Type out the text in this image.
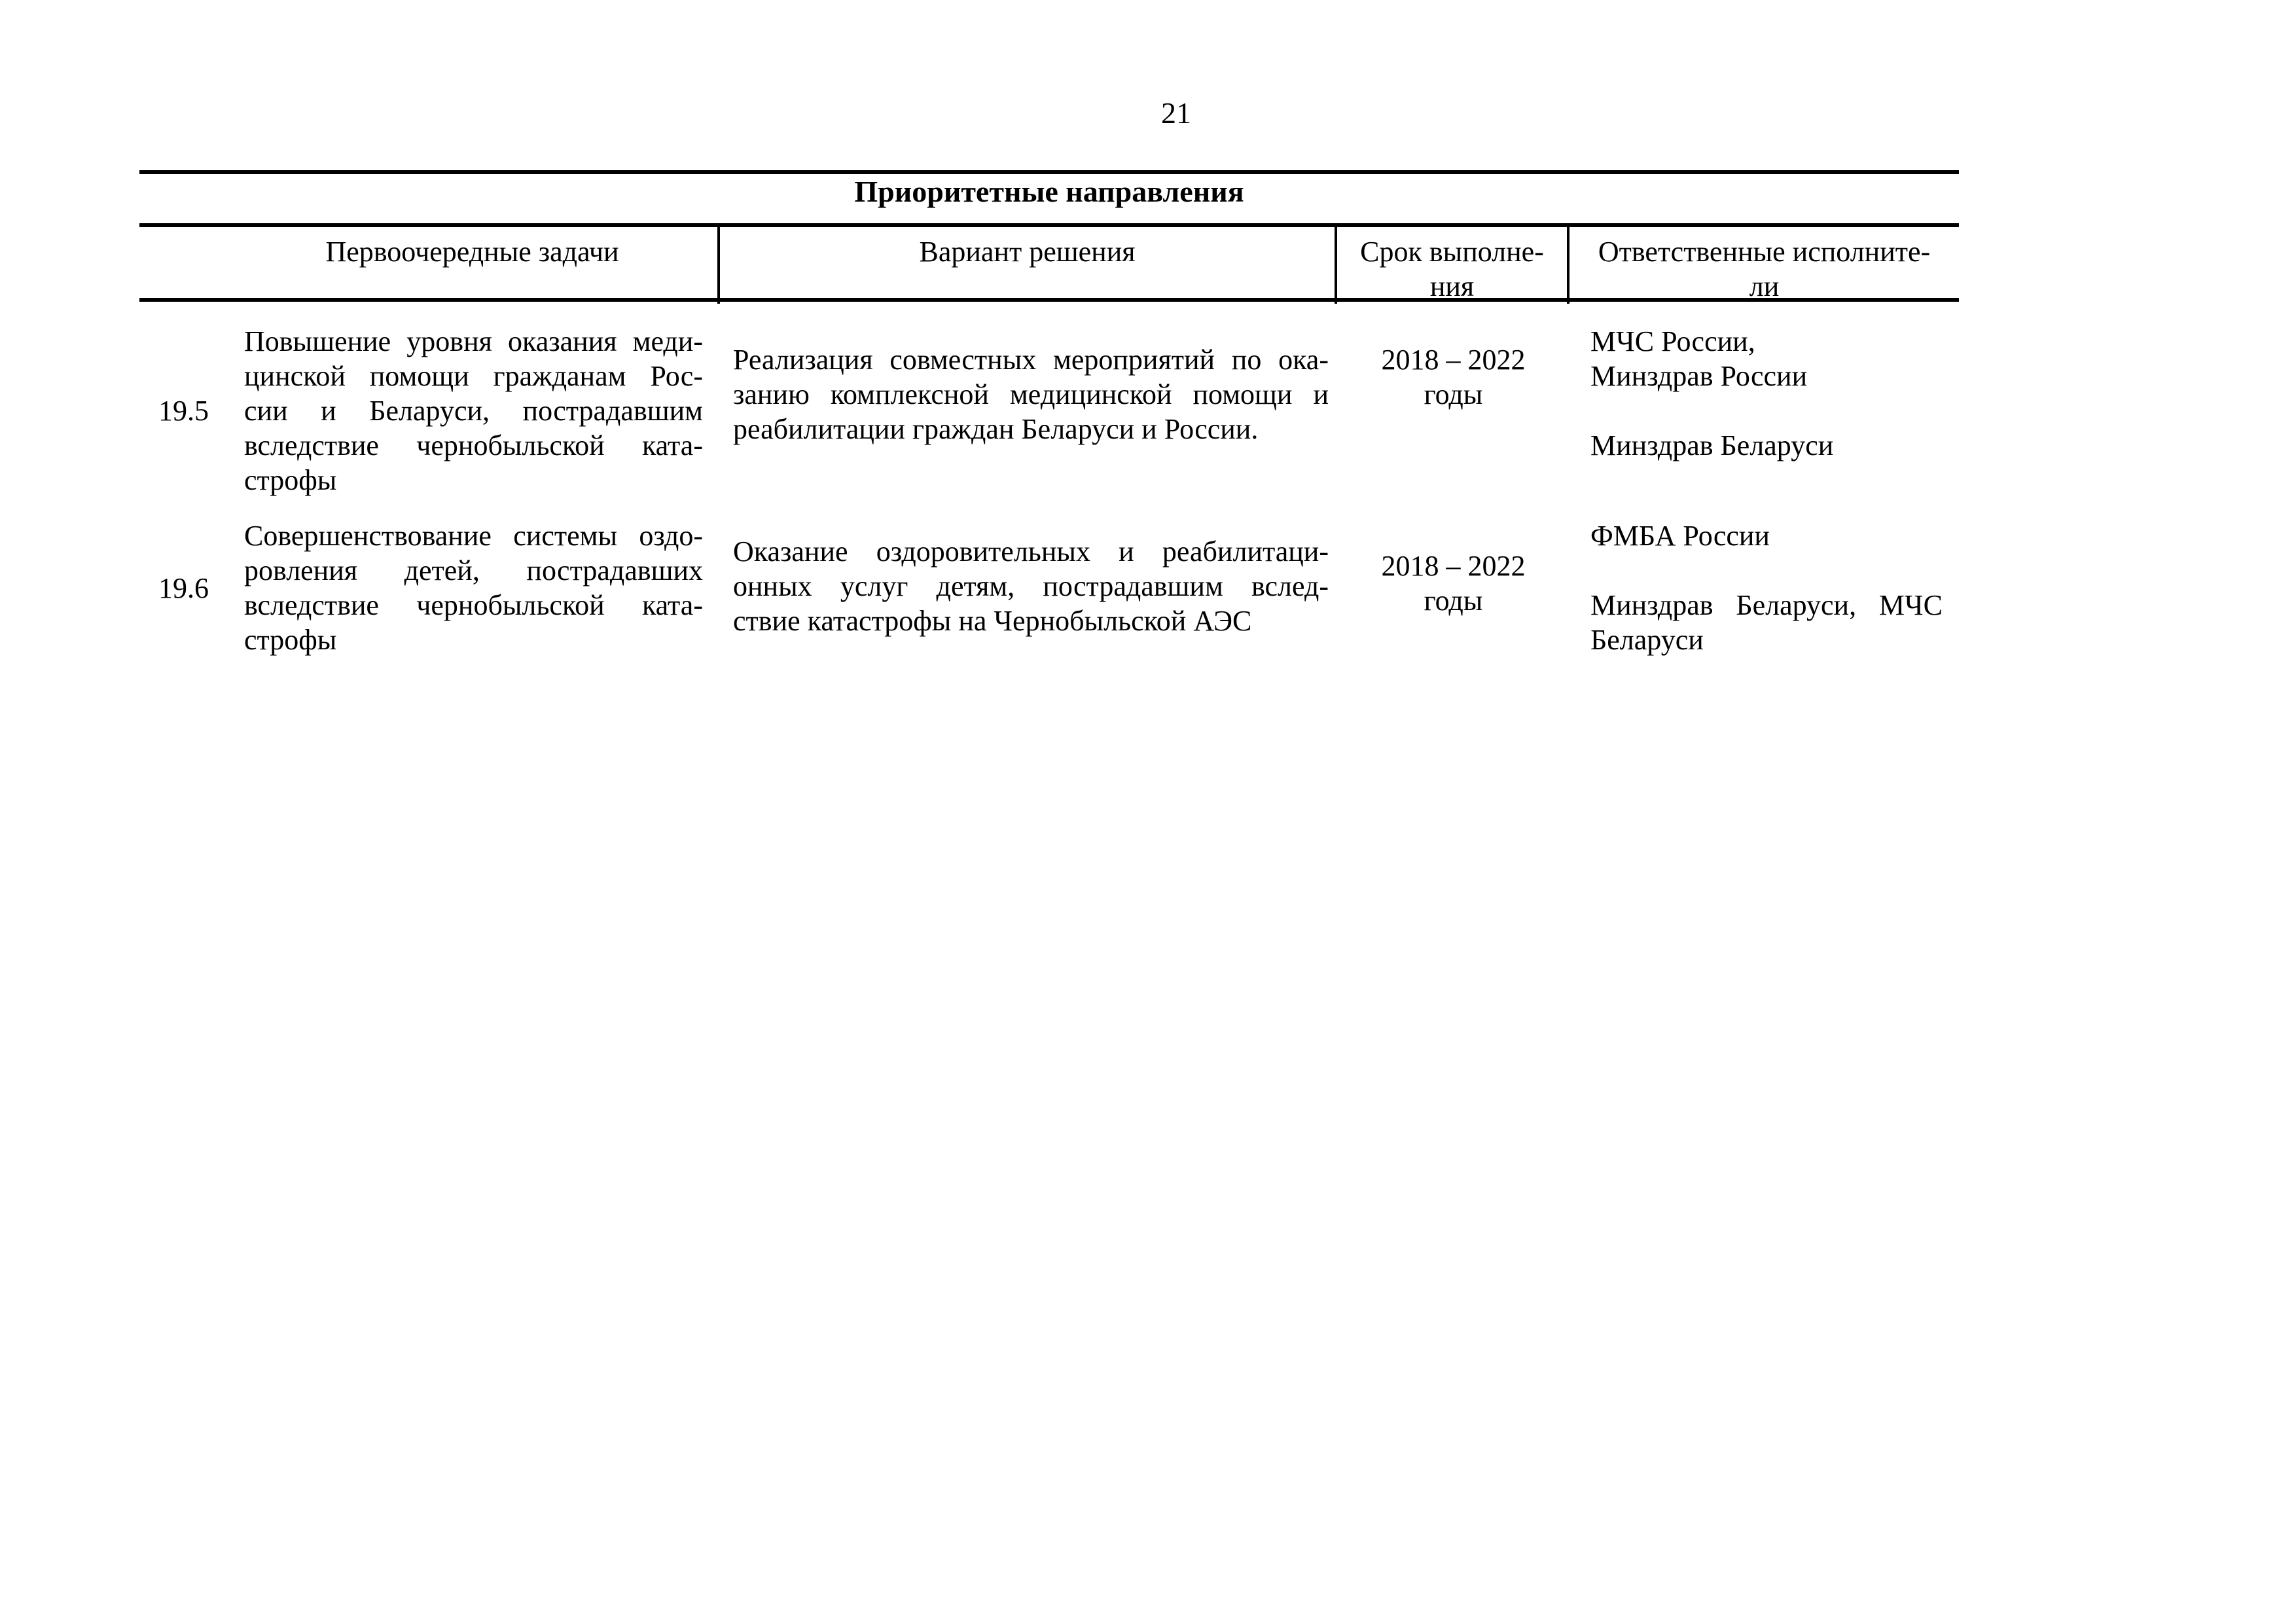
21
Приоритетные направления
Первоочередные задачи	Вариант решения	Срок выполне-
ния
Ответственные исполните-
ли
19.5
Повышение уровня оказания меди-
цинской помощи гражданам Рос-
сии и Беларуси, пострадавшим
вследствие чернобыльской ката-
строфы
Реализация совместных мероприятий по ока-
занию комплексной медицинской помощи и
реабилитации граждан Беларуси и России.
2018 – 2022
годы
МЧС России,
Минздрав России
Минздрав Беларуси
19.6
Совершенствование системы оздо-
ровления детей, пострадавших
вследствие чернобыльской ката-
строфы
Оказание оздоровительных и реабилитаци-
онных услуг детям, пострадавшим вслед-
ствие катастрофы на Чернобыльской АЭС
2018 – 2022
годы
ФМБА России
Минздрав Беларуси, МЧС
Беларуси
